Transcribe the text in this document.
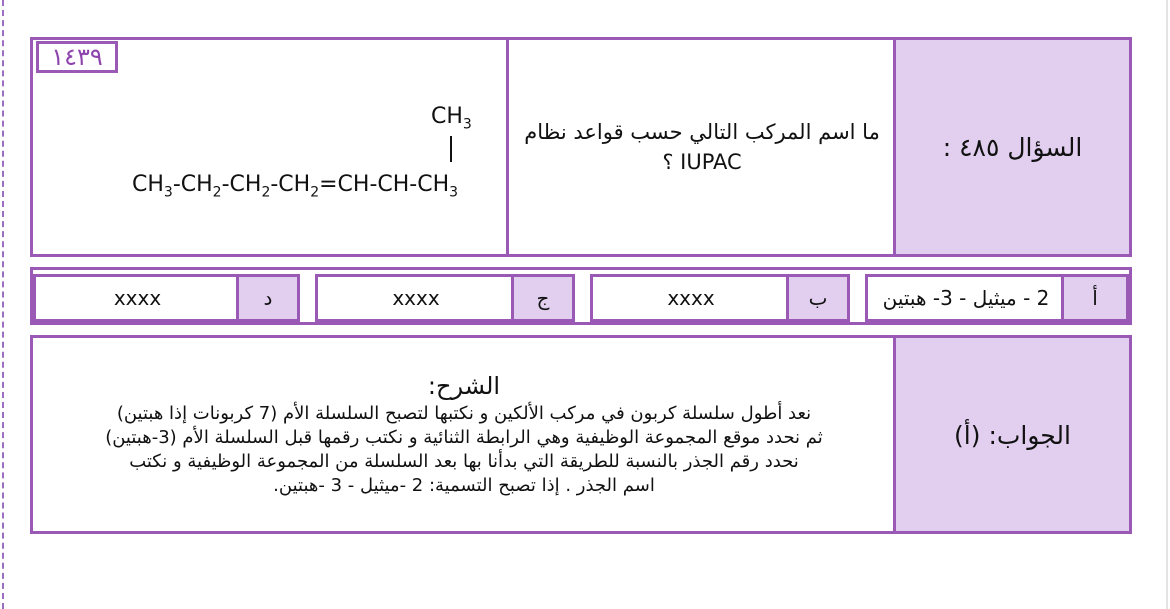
١٤٣٩
$CH_3$
$CH_3-CH_2-CH_2-CH_2=CH-CH-CH_3$
ما اسم المركب التالي حسب قواعد نظام
IUPAC ؟
السؤال ٤٨٥ :
أ
2 - ميثيل - 3- هبتين
ب
xxxx
ج
xxxx
د
xxxx
الجواب: (أ)
الشرح:
نعد أطول سلسلة كربون في مركب الألكين و نكتبها لتصبح السلسلة الأم (7 كربونات إذا هبتين)
ثم نحدد موقع المجموعة الوظيفية وهي الرابطة الثنائية و نكتب رقمها قبل السلسلة الأم (3-هبتين)
نحدد رقم الجذر بالنسبة للطريقة التي بدأنا بها بعد السلسلة من المجموعة الوظيفية و نكتب
اسم الجذر . إذا تصبح التسمية: 2 -ميثيل - 3 -هبتين.
